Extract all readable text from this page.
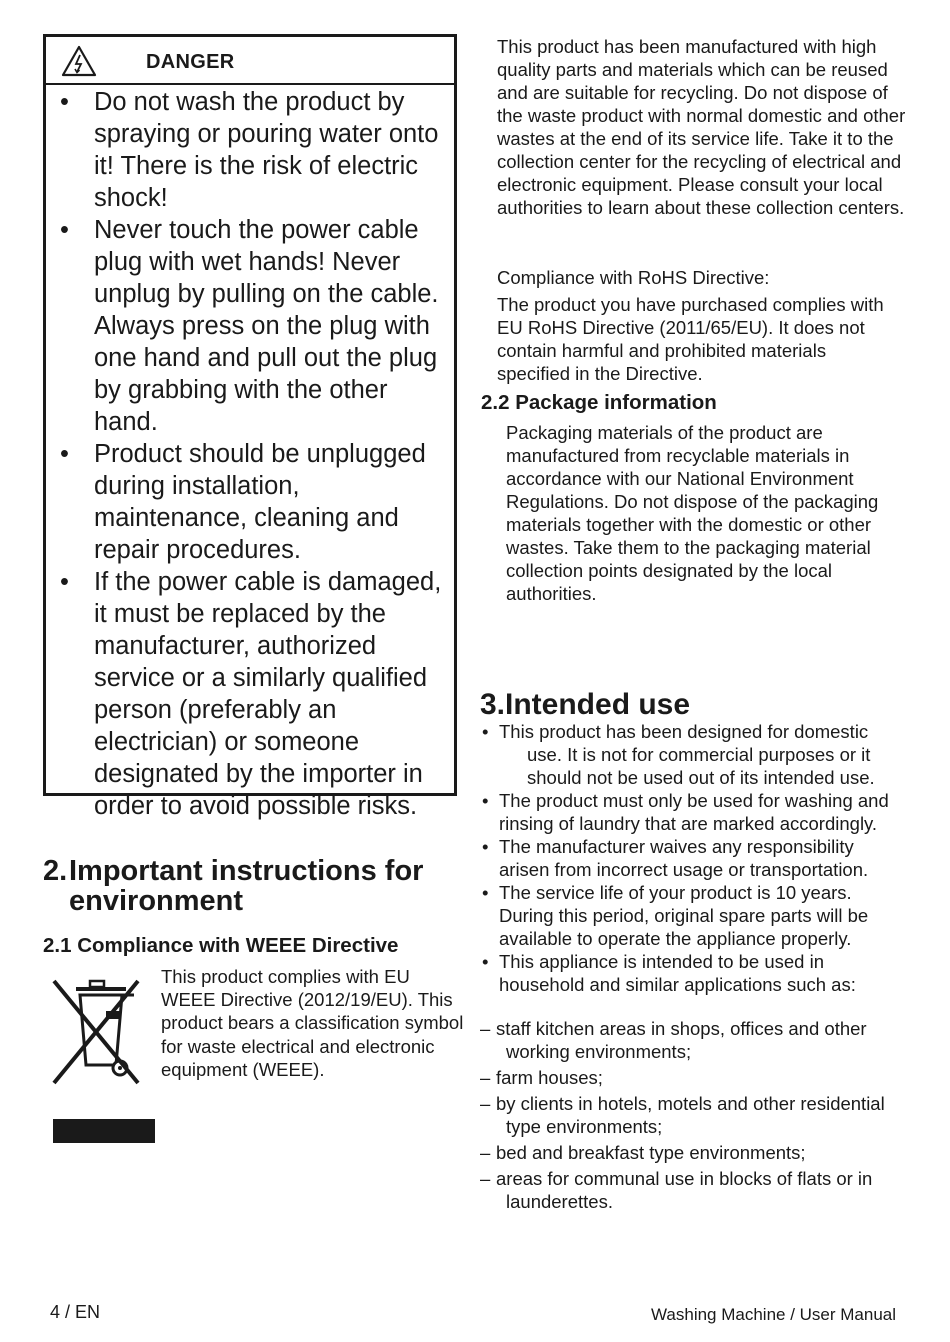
DANGER
• Do not wash the product by spraying or pouring water onto it! There is the risk of electric shock!
• Never touch the power cable plug with wet hands! Never unplug by pulling on the cable. Always press on the plug with one hand and pull out the plug by grabbing with the other hand.
• Product should be unplugged during installation, maintenance, cleaning and repair procedures.
• If the power cable is damaged, it must be replaced by the manufacturer, authorized service or a similarly qualified person (preferably an electrician) or someone designated by the importer in order to avoid possible risks.
2.Important instructions for
environment
2.1 Compliance with WEEE Directive
This product complies with EU WEEE Directive (2012/19/EU). This product bears a classification symbol for waste electrical and electronic equipment (WEEE).
This product has been manufactured with high quality parts and materials which can be reused and are suitable for recycling. Do not dispose of the waste product with normal domestic and other wastes at the end of its service life. Take it to the collection center for the recycling of electrical and electronic equipment. Please consult your local authorities to learn about these collection centers.
Compliance with RoHS Directive:
The product you have purchased complies with EU RoHS Directive (2011/65/EU). It does not contain harmful and prohibited materials specified in the Directive.
2.2 Package information
Packaging materials of the product are manufactured from recyclable materials in accordance with our National Environment Regulations. Do not dispose of the packaging materials together with the domestic or other wastes. Take them to the packaging material collection points designated by the local authorities.
3.Intended use
• This product has been designed for domestic use. It is not for commercial purposes or it should not be used out of its intended use.
• The product must only be used for washing and rinsing of laundry that are marked accordingly.
• The manufacturer waives any responsibility arisen from incorrect usage or transportation.
• The service life of your product is 10 years. During this period, original spare parts will be available to operate the appliance properly.
• This appliance is intended to be used in household and similar applications such as:
– staff kitchen areas in shops, offices and other working environments;
– farm houses;
– by clients in hotels, motels and other residential type environments;
– bed and breakfast type environments;
– areas for communal use in blocks of flats or in launderettes.
4 / EN	Washing Machine / User Manual
